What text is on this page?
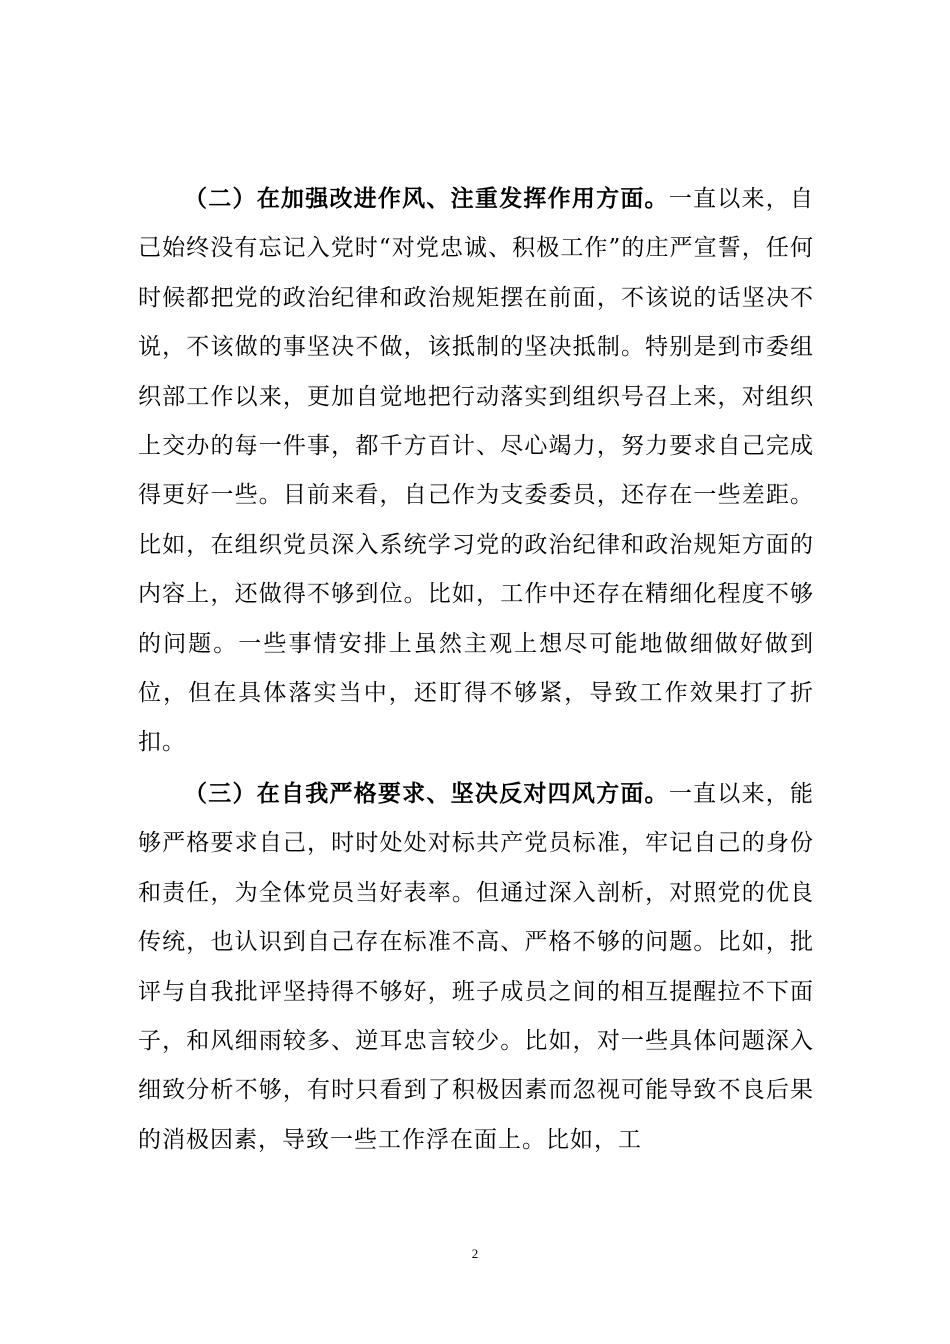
（二）在加强改进作风、注重发挥作用方面。一直以来，自己始终没有忘记入党时“对党忠诚、积极工作”的庄严宣誓，任何时候都把党的政治纪律和政治规矩摆在前面，不该说的话坚决不说，不该做的事坚决不做，该抵制的坚决抵制。特别是到市委组织部工作以来，更加自觉地把行动落实到组织号召上来，对组织上交办的每一件事，都千方百计、尽心竭力，努力要求自己完成得更好一些。目前来看，自己作为支委委员，还存在一些差距。比如，在组织党员深入系统学习党的政治纪律和政治规矩方面的内容上，还做得不够到位。比如，工作中还存在精细化程度不够的问题。一些事情安排上虽然主观上想尽可能地做细做好做到位，但在具体落实当中，还盯得不够紧，导致工作效果打了折扣。

（三）在自我严格要求、坚决反对四风方面。一直以来，能够严格要求自己，时时处处对标共产党员标准，牢记自己的身份和责任，为全体党员当好表率。但通过深入剖析，对照党的优良传统，也认识到自己存在标准不高、严格不够的问题。比如，批评与自我批评坚持得不够好，班子成员之间的相互提醒拉不下面子，和风细雨较多、逆耳忠言较少。比如，对一些具体问题深入细致分析不够，有时只看到了积极因素而忽视可能导致不良后果的消极因素，导致一些工作浮在面上。比如，工

2
